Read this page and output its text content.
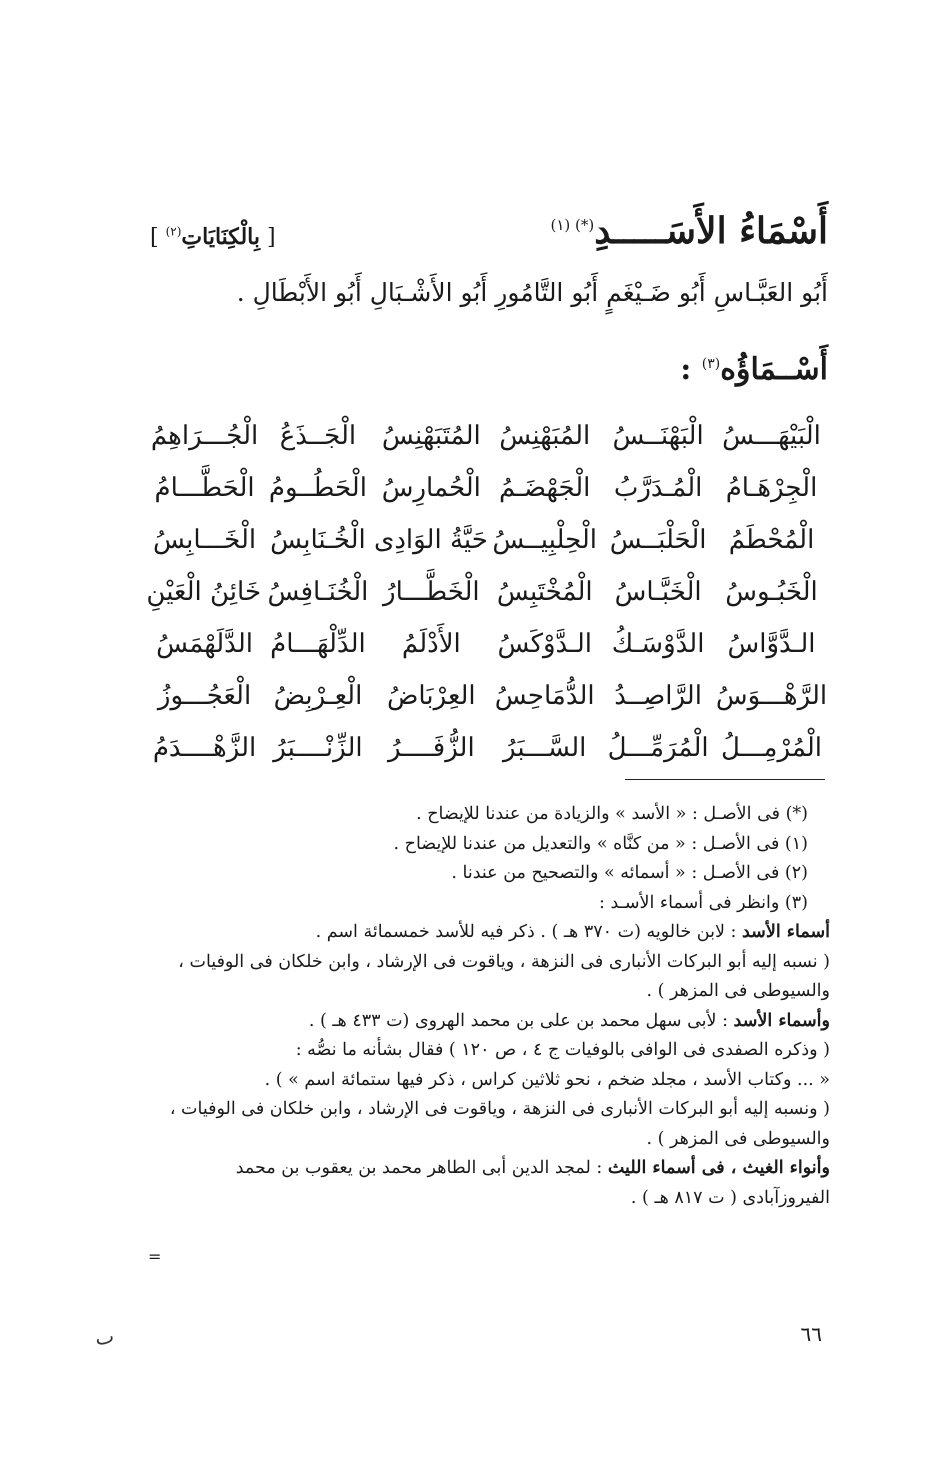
أَسْمَاءُ الأَسَـــــدِ$^{(*) (١)}$
[ بِالْكِنَايَاتِ$^{(٢)}$ ]
أَبُو العَبَّـاسِ أَبُو ضَـيْغَمٍ أَبُو التَّامُورِ أَبُو الأَشْـبَالِ أَبُو الأَبْطَالِ .
أَسْــمَاؤُه$^{(٣)}$ :
الْبَيْهَـــسُ
الْبَهْنَــسُ
المُبَهْنِسُ
المُتَبَهْنِسُ
الْجَــذَعُ
الْجُـــرَاهِمُ
الْجِرْهَـامُ
الْمُـدَرَّبُ
الْجَهْضَـمُ
الْحُمارِسُ
الْحَطُــومُ
الْحَطَّـــامُ
الْمُحْطَمُ
الْحَلْبَــسُ
الْحِلْبِيــسُ
حَيَّةُ الوَادِى
الْخُـنَابِسُ
الْخَـــابِسُ
الْخَبُـوسُ
الْخَبَّـاسُ
الْمُخْتَبِسُ
الْخَطَّـــارُ
الْخُنَـافِسُ
خَائِنُ الْعَيْنِ
الـدَّوَّاسُ
الدَّوْسَـكُ
الـدَّوْكَسُ
الأَدْلَمُ
الدِّلْهَـــامُ
الدَّلَهْمَسُ
الرَّهْـــوَسُ
الرَّاصِــدُ
الدُّمَاحِسُ
العِرْبَاضُ
الْعِـرْبِضُ
الْعَجُـــوزُ
الْمُرْمِـــلُ
الْمُرَمِّـــلُ
السَّـــبَرُ
الزُّفَــــرُ
الزِّنْــــبَرُ
الزَّهْــــدَمُ
(*) فى الأصـل : « الأسد » والزيادة من عندنا للإيضاح .
(١) فى الأصـل : « من كنَّاه » والتعديل من عندنا للإيضاح .
(٢) فى الأصـل : « أسمائه » والتصحيح من عندنا .
(٣) وانظر فى أسماء الأسـد :
أسماء الأسد : لابن خالويه (ت ٣٧٠ هـ ) . ذكر فيه للأسد خمسمائة اسم .
( نسبه إليه أبو البركات الأنبارى فى النزهة ، وياقوت فى الإرشاد ، وابن خلكان فى الوفيات ،
والسيوطى فى المزهر ) .
وأسماء الأسد : لأبى سهل محمد بن على بن محمد الهروى (ت ٤٣٣ هـ ) .
( وذكره الصفدى فى الوافى بالوفيات ج ٤ ، ص ١٢٠ ) فقال بشأنه ما نصُّه :
« ... وكتاب الأسد ، مجلد ضخم ، نحو ثلاثين كراس ، ذكر فيها ستمائة اسم » ) .
( ونسبه إليه أبو البركات الأنبارى فى النزهة ، وياقوت فى الإرشاد ، وابن خلكان فى الوفيات ،
والسيوطى فى المزهر ) .
وأنواء الغيث ، فى أسماء الليث : لمجد الدين أبى الطاهر محمد بن يعقوب بن محمد
الفيروزآبادى ( ت ٨١٧ هـ ) .
=
٦٦
ٮ
